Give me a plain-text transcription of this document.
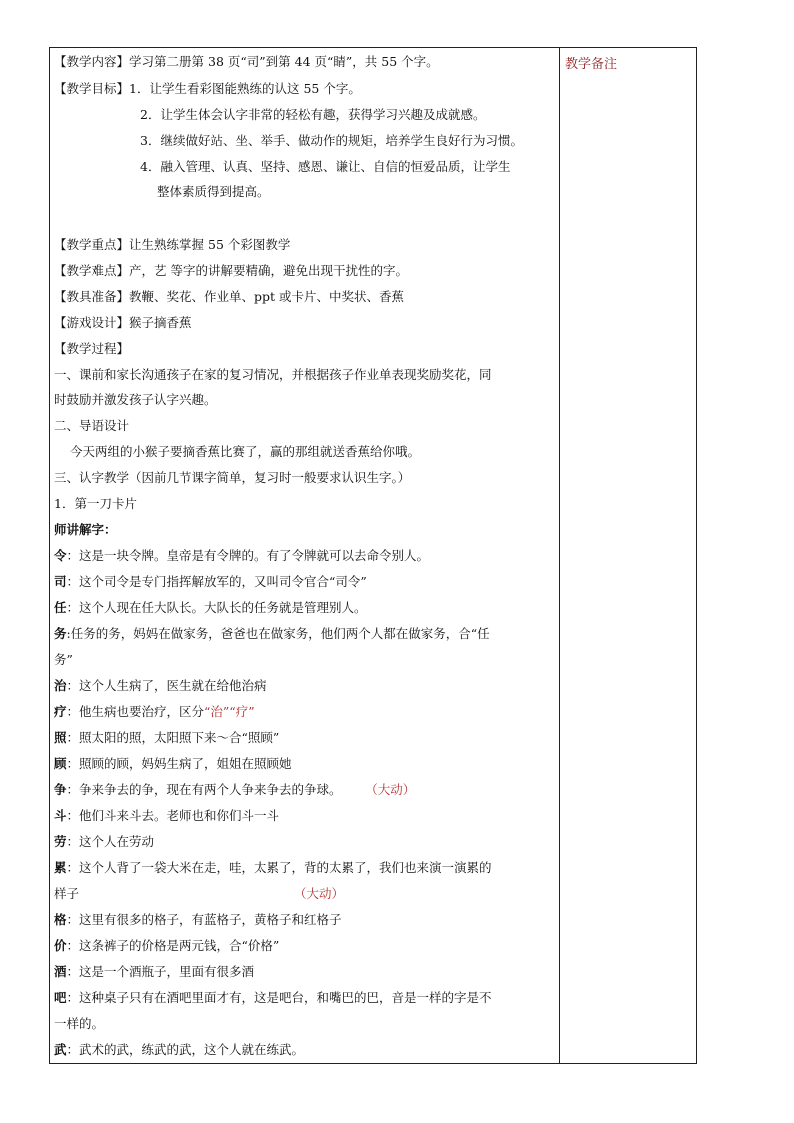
教学备注
【教学内容】学习第二册第 38 页“司”到第 44 页“睛”，共 55 个字。
【教学目标】1．让学生看彩图能熟练的认这 55 个字。
2．让学生体会认字非常的轻松有趣，获得学习兴趣及成就感。
3．继续做好站、坐、举手、做动作的规矩，培养学生良好行为习惯。
4．融入管理、认真、坚持、感恩、谦让、自信的恒爱品质，让学生
整体素质得到提高。
【教学重点】让生熟练掌握 55 个彩图教学
【教学难点】产，艺 等字的讲解要精确，避免出现干扰性的字。
【教具准备】教鞭、奖花、作业单、ppt 或卡片、中奖状、香蕉
【游戏设计】猴子摘香蕉
【教学过程】
一、课前和家长沟通孩子在家的复习情况，并根据孩子作业单表现奖励奖花，同
时鼓励并激发孩子认字兴趣。
二、导语设计
今天两组的小猴子要摘香蕉比赛了，赢的那组就送香蕉给你哦。
三、认字教学（因前几节课字简单，复习时一般要求认识生字。）
1．第一刀卡片
师讲解字：
令：这是一块令牌。皇帝是有令牌的。有了令牌就可以去命令别人。
司：这个司令是专门指挥解放军的，又叫司令官合“司令”
任：这个人现在任大队长。大队长的任务就是管理别人。
务:任务的务，妈妈在做家务，爸爸也在做家务，他们两个人都在做家务，合“任
务”
治：这个人生病了，医生就在给他治病
疗：他生病也要治疗，区分“治”“疗”
照：照太阳的照，太阳照下来～合“照顾”
顾：照顾的顾，妈妈生病了，姐姐在照顾她
争：争来争去的争，现在有两个人争来争去的争球。 （大动）
斗：他们斗来斗去。老师也和你们斗一斗
劳：这个人在劳动
累：这个人背了一袋大米在走，哇，太累了，背的太累了，我们也来演一演累的
样子	（大动）
格：这里有很多的格子，有蓝格子，黄格子和红格子
价：这条裤子的价格是两元钱，合“价格”
酒：这是一个酒瓶子，里面有很多酒
吧：这种桌子只有在酒吧里面才有，这是吧台，和嘴巴的巴，音是一样的字是不
一样的。
武：武术的武，练武的武，这个人就在练武。
